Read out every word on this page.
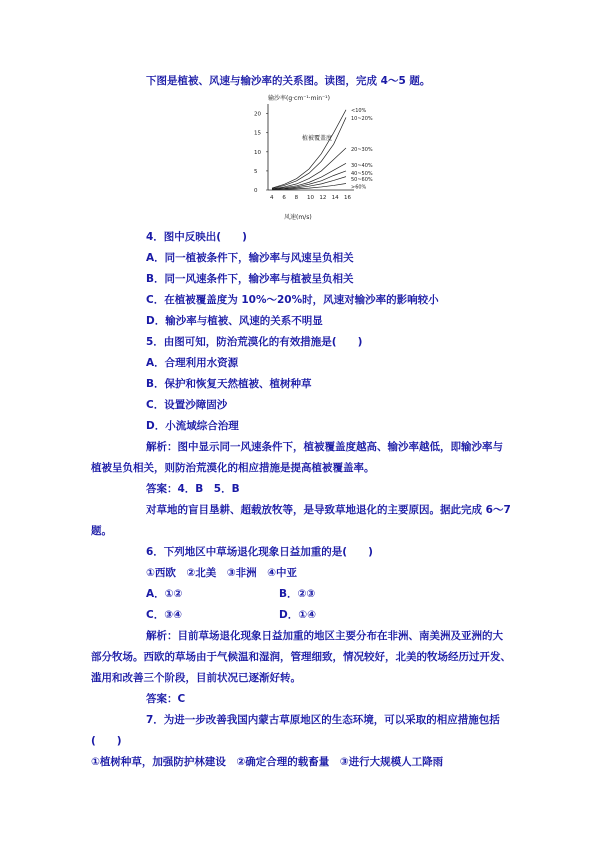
下图是植被、风速与输沙率的关系图。读图，完成 4～5 题。
输沙率(g·cm⁻¹·min⁻¹)
风速(m/s)
植被覆盖度
20
15
10
5
0
4 6 8 10 12 14 16
<10%
10~20%
20~30%
30~40%
40~50%
50~60%
>60%
4．图中反映出(　　)
A．同一植被条件下，输沙率与风速呈负相关
B．同一风速条件下，输沙率与植被呈负相关
C．在植被覆盖度为 10%～20%时，风速对输沙率的影响较小
D．输沙率与植被、风速的关系不明显
5．由图可知，防治荒漠化的有效措施是(　　)
A．合理利用水资源
B．保护和恢复天然植被、植树种草
C．设置沙障固沙
D．小流域综合治理
解析：图中显示同一风速条件下，植被覆盖度越高、输沙率越低，即输沙率与
植被呈负相关，则防治荒漠化的相应措施是提高植被覆盖率。
答案：4．B　5．B
对草地的盲目垦耕、超载放牧等，是导致草地退化的主要原因。据此完成 6～7
题。
6．下列地区中草场退化现象日益加重的是(　　)
①西欧　②北美　③非洲　④中亚
A．①②	B．②③
C．③④	D．①④
解析：目前草场退化现象日益加重的地区主要分布在非洲、南美洲及亚洲的大
部分牧场。西欧的草场由于气候温和湿润，管理细致，情况较好，北美的牧场经历过开发、
滥用和改善三个阶段，目前状况已逐渐好转。
答案：C
7．为进一步改善我国内蒙古草原地区的生态环境，可以采取的相应措施包括
(　　)
①植树种草，加强防护林建设　②确定合理的载畜量　③进行大规模人工降雨
